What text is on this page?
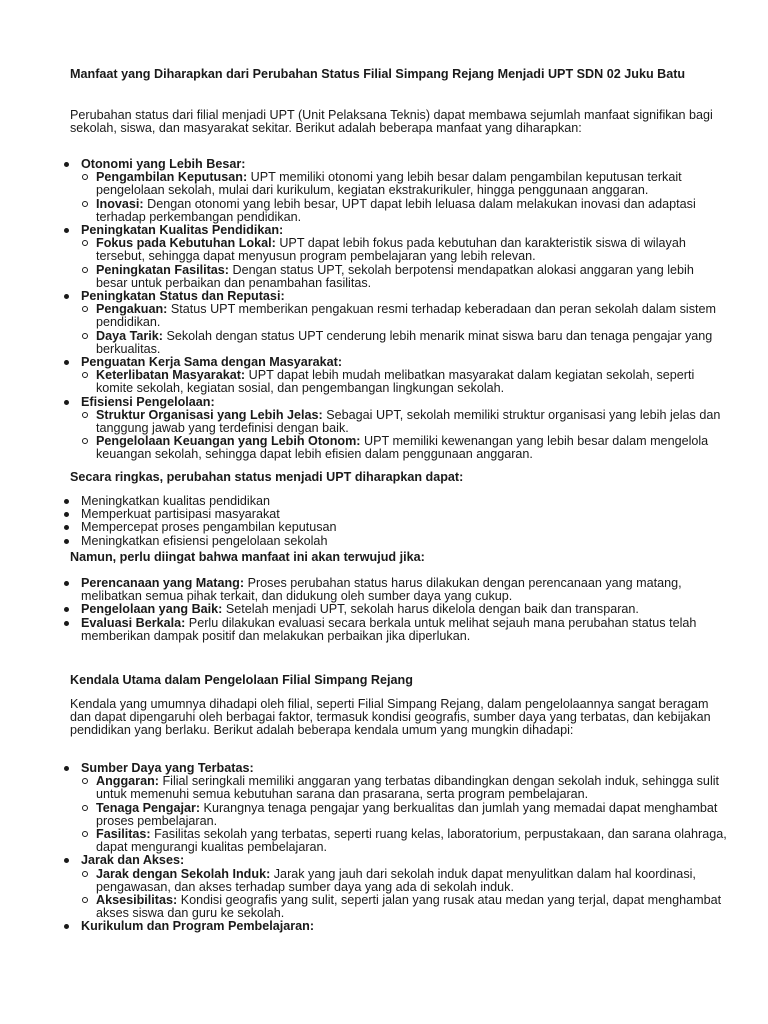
Manfaat yang Diharapkan dari Perubahan Status Filial Simpang Rejang Menjadi UPT SDN 02 Juku Batu
Perubahan status dari filial menjadi UPT (Unit Pelaksana Teknis) dapat membawa sejumlah manfaat signifikan bagi sekolah, siswa, dan masyarakat sekitar. Berikut adalah beberapa manfaat yang diharapkan:
Otonomi yang Lebih Besar:
Pengambilan Keputusan: UPT memiliki otonomi yang lebih besar dalam pengambilan keputusan terkait pengelolaan sekolah, mulai dari kurikulum, kegiatan ekstrakurikuler, hingga penggunaan anggaran.
Inovasi: Dengan otonomi yang lebih besar, UPT dapat lebih leluasa dalam melakukan inovasi dan adaptasi terhadap perkembangan pendidikan.
Peningkatan Kualitas Pendidikan:
Fokus pada Kebutuhan Lokal: UPT dapat lebih fokus pada kebutuhan dan karakteristik siswa di wilayah tersebut, sehingga dapat menyusun program pembelajaran yang lebih relevan.
Peningkatan Fasilitas: Dengan status UPT, sekolah berpotensi mendapatkan alokasi anggaran yang lebih besar untuk perbaikan dan penambahan fasilitas.
Peningkatan Status dan Reputasi:
Pengakuan: Status UPT memberikan pengakuan resmi terhadap keberadaan dan peran sekolah dalam sistem pendidikan.
Daya Tarik: Sekolah dengan status UPT cenderung lebih menarik minat siswa baru dan tenaga pengajar yang berkualitas.
Penguatan Kerja Sama dengan Masyarakat:
Keterlibatan Masyarakat: UPT dapat lebih mudah melibatkan masyarakat dalam kegiatan sekolah, seperti komite sekolah, kegiatan sosial, dan pengembangan lingkungan sekolah.
Efisiensi Pengelolaan:
Struktur Organisasi yang Lebih Jelas: Sebagai UPT, sekolah memiliki struktur organisasi yang lebih jelas dan tanggung jawab yang terdefinisi dengan baik.
Pengelolaan Keuangan yang Lebih Otonom: UPT memiliki kewenangan yang lebih besar dalam mengelola keuangan sekolah, sehingga dapat lebih efisien dalam penggunaan anggaran.
Secara ringkas, perubahan status menjadi UPT diharapkan dapat:
Meningkatkan kualitas pendidikan
Memperkuat partisipasi masyarakat
Mempercepat proses pengambilan keputusan
Meningkatkan efisiensi pengelolaan sekolah
Namun, perlu diingat bahwa manfaat ini akan terwujud jika:
Perencanaan yang Matang: Proses perubahan status harus dilakukan dengan perencanaan yang matang, melibatkan semua pihak terkait, dan didukung oleh sumber daya yang cukup.
Pengelolaan yang Baik: Setelah menjadi UPT, sekolah harus dikelola dengan baik dan transparan.
Evaluasi Berkala: Perlu dilakukan evaluasi secara berkala untuk melihat sejauh mana perubahan status telah memberikan dampak positif dan melakukan perbaikan jika diperlukan.
Kendala Utama dalam Pengelolaan Filial Simpang Rejang
Kendala yang umumnya dihadapi oleh filial, seperti Filial Simpang Rejang, dalam pengelolaannya sangat beragam dan dapat dipengaruhi oleh berbagai faktor, termasuk kondisi geografis, sumber daya yang terbatas, dan kebijakan pendidikan yang berlaku. Berikut adalah beberapa kendala umum yang mungkin dihadapi:
Sumber Daya yang Terbatas:
Anggaran: Filial seringkali memiliki anggaran yang terbatas dibandingkan dengan sekolah induk, sehingga sulit untuk memenuhi semua kebutuhan sarana dan prasarana, serta program pembelajaran.
Tenaga Pengajar: Kurangnya tenaga pengajar yang berkualitas dan jumlah yang memadai dapat menghambat proses pembelajaran.
Fasilitas: Fasilitas sekolah yang terbatas, seperti ruang kelas, laboratorium, perpustakaan, dan sarana olahraga, dapat mengurangi kualitas pembelajaran.
Jarak dan Akses:
Jarak dengan Sekolah Induk: Jarak yang jauh dari sekolah induk dapat menyulitkan dalam hal koordinasi, pengawasan, dan akses terhadap sumber daya yang ada di sekolah induk.
Aksesibilitas: Kondisi geografis yang sulit, seperti jalan yang rusak atau medan yang terjal, dapat menghambat akses siswa dan guru ke sekolah.
Kurikulum dan Program Pembelajaran:
